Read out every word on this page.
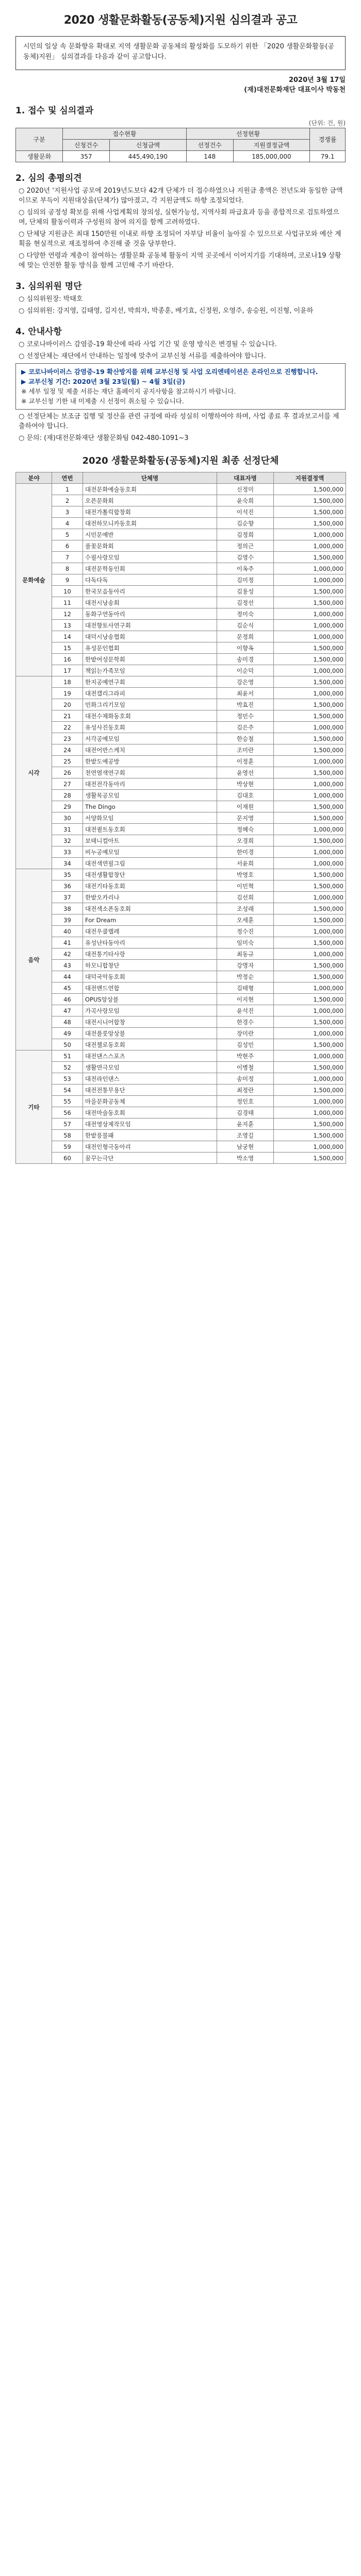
2020 생활문화활동(공동체)지원 심의결과 공고
시민의 일상 속 문화향유 확대로 지역 생활문화 공동체의 활성화를 도모하기 위한 「2020 생활문화활동(공동체)지원」 심의결과를 다음과 같이 공고합니다.
2020년 3월 17일
(재)대전문화재단 대표이사 박동천
1. 접수 및 심의결과
(단위: 건, 원)
구분	접수현황		선정현황		경쟁률
	신청건수	신청금액	선정건수	지원결정금액	
생활문화	357	445,490,190	148	185,000,000	79.1
2. 심의 총평의견

○ 2020년 '지원사업 공모에 2019년도보다 42개 단체가 더 접수하였으나 지원금 총액은 전년도와 동일한 금액이므로 부득이 지원대상을(단체가) 많아졌고, 각 지원금액도 하향 조정되었다.

○ 심의의 공정성 확보를 위해 사업계획의 창의성, 실현가능성, 지역사회 파급효과 등을 종합적으로 검토하였으며, 단체의 활동이력과 구성원의 참여 의지를 함께 고려하였다.

○ 단체당 지원금은 최대 150만원 이내로 하향 조정되어 자부담 비율이 높아질 수 있으므로 사업규모와 예산 계획을 현실적으로 재조정하여 추진해 줄 것을 당부한다.

○ 다양한 연령과 계층이 참여하는 생활문화 공동체 활동이 지역 곳곳에서 이어지기를 기대하며, 코로나19 상황에 맞는 안전한 활동 방식을 함께 고민해 주기 바란다.

3. 심의위원 명단

○ 심의위원장: 박태호

○ 심의위원: 강지영, 김태영, 김지선, 박희자, 박종훈, 배기효, 신정원, 오영주, 송승원, 이진형, 이윤하

4. 안내사항

○ 코로나바이러스 감염증-19 확산에 따라 사업 기간 및 운영 방식은 변경될 수 있습니다.

○ 선정단체는 재단에서 안내하는 일정에 맞추어 교부신청 서류를 제출하여야 합니다.

▶ 코로나바이러스 감염증-19 확산방지를 위해 교부신청 및 사업 오리엔테이션은 온라인으로 진행합니다.
▶ 교부신청 기간: 2020년 3월 23일(월) ~ 4월 3일(금)
※ 세부 일정 및 제출 서류는 재단 홈페이지 공지사항을 참고하시기 바랍니다.
※ 교부신청 기한 내 미제출 시 선정이 취소될 수 있습니다.

○ 선정단체는 보조금 집행 및 정산을 관련 규정에 따라 성실히 이행하여야 하며, 사업 종료 후 결과보고서를 제출하여야 합니다.

○ 문의: (재)대전문화재단 생활문화팀 042-480-1091~3

2020 생활문화활동(공동체)지원 최종 선정단체
분야	연번	단체명	대표자명	지원결정액
문화예술	1	대전문화예술동호회	신정미	1,500,000
	2	오픈문화회	윤숙희	1,500,000
	3	대전가톨릭합창회	이석진	1,500,000
	4	대전하모니카동호회	김순향	1,500,000
	5	시민문예반	김정희	1,000,000
	6	풀꽃문화회	정의근	1,000,000
	7	수필사랑모임	김영수	1,500,000
	8	대전문학동인회	이옥주	1,000,000
	9	다독다독	김미정	1,000,000
	10	한국모음동아리	김용성	1,500,000
	11	대전시낭송회	김정선	1,500,000
	12	동화구연동아리	정미숙	1,000,000
	13	대전향토사연구회	김순식	1,000,000
	14	대덕시낭송협회	문정희	1,000,000
	15	유성문인협회	이향옥	1,500,000
	16	한밭여성문학회	송미경	1,500,000
	17	책읽는가족모임	이순덕	1,000,000
시각	18	한지공예연구회	강은영	1,500,000
	19	대전캘리그라피	최윤서	1,000,000
	20	민화그리기모임	박효진	1,500,000
	21	대전수채화동호회	정민수	1,500,000
	22	유성사진동호회	김은주	1,000,000
	23	서각공예모임	한승철	1,500,000
	24	대전어반스케치	조미란	1,500,000
	25	한밭도예공방	이정훈	1,000,000
	26	천연염색연구회	윤영선	1,500,000
	27	대전전각동아리	박상현	1,000,000
	28	생활목공모임	김대호	1,000,000
	29	The Dingo	이재원	1,500,000
	30	서양화모임	문지영	1,500,000
	31	대전퀼트동호회	정혜숙	1,000,000
	32	보태니컬아트	오경희	1,500,000
	33	비누공예모임	한미경	1,000,000
	34	대전색연필그림	서윤희	1,000,000
음악	35	대전생활합창단	박영호	1,500,000
	36	대전기타동호회	이민혁	1,500,000
	37	한밭오카리나	김선희	1,000,000
	38	대전색소폰동호회	조성래	1,500,000
	39	For Dream	오세훈	1,500,000
	40	대전우쿨렐레	정수진	1,000,000
	41	유성난타동아리	임미숙	1,500,000
	42	대전통기타사랑	최동규	1,000,000
	43	하모니합창단	강명자	1,500,000
	44	대덕국악동호회	박정순	1,500,000
	45	대전밴드연합	김태형	1,000,000
	46	OPUS앙상블	이지현	1,500,000
	47	가곡사랑모임	윤석진	1,000,000
	48	대전시니어합창	한경수	1,500,000
	49	대전플룻앙상블	장미란	1,000,000
	50	대전첼로동호회	김성민	1,500,000
기타	51	대전댄스스포츠	박현주	1,000,000
	52	생활연극모임	이병철	1,500,000
	53	대전라인댄스	송미정	1,000,000
	54	대전전통무용단	최정란	1,500,000
	55	마을문화공동체	정인호	1,000,000
	56	대전마술동호회	김경태	1,000,000
	57	대전영상제작모임	윤지훈	1,500,000
	58	한밭풍물패	조영길	1,500,000
	59	대전인형극동아리	남궁현	1,000,000
	60	꿈꾸는극단	박소영	1,500,000
